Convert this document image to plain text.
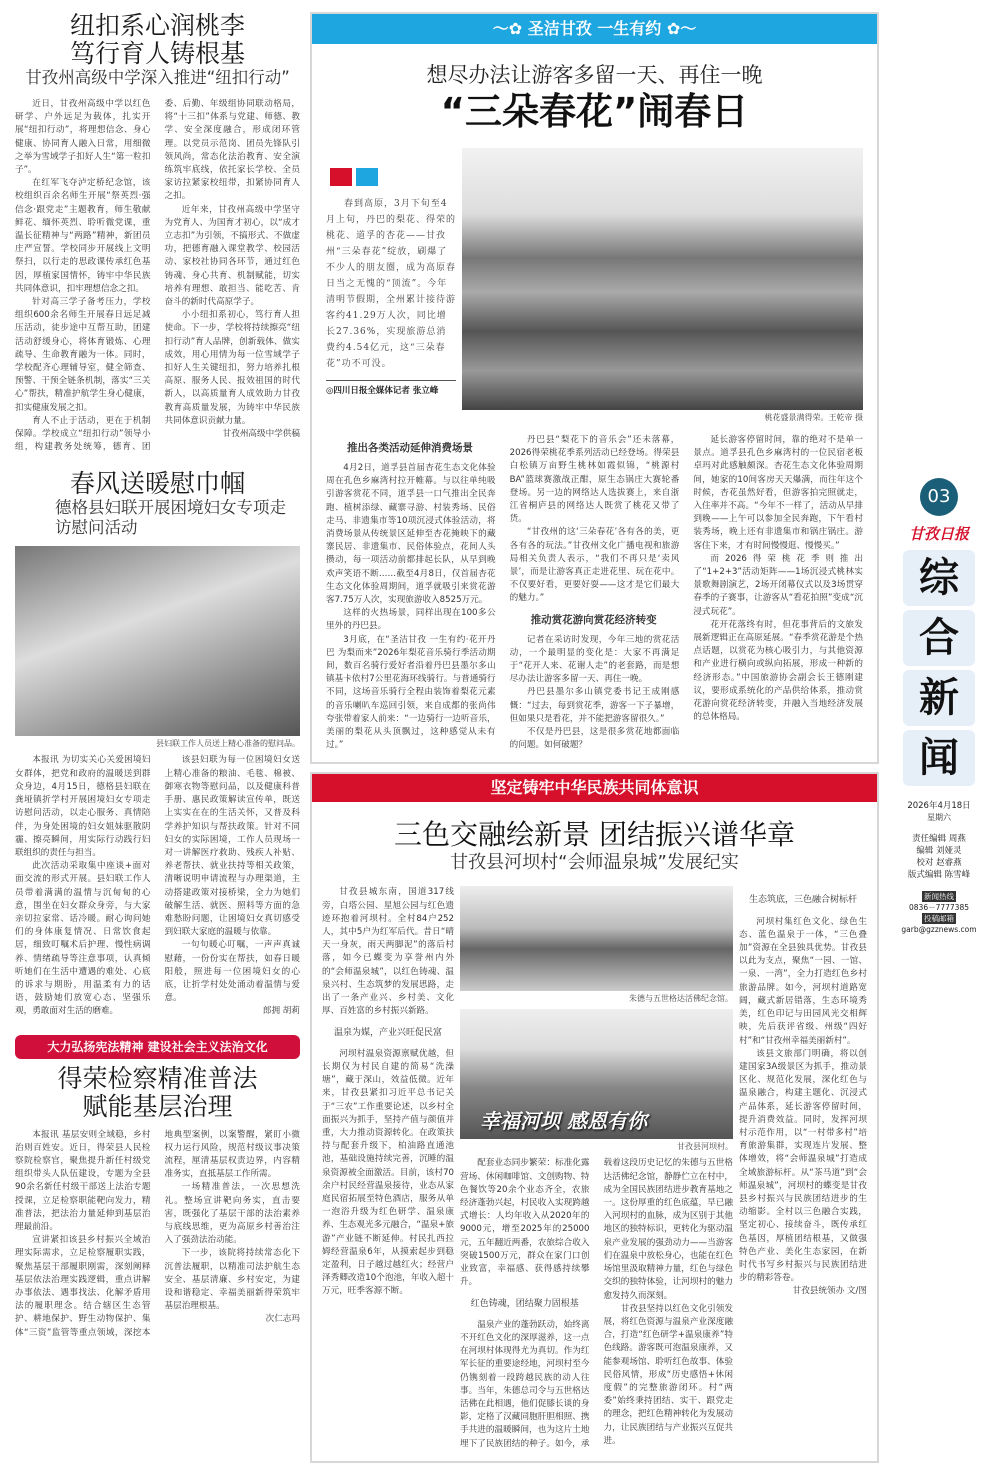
纽扣系心润桃李
笃行育人铸根基
甘孜州高级中学深入推进“纽扣行动”

近日，甘孜州高级中学以红色研学、户外远足为载体，扎实开展“纽扣行动”，将理想信念、身心健康、协同育人融入日常，用细微之举为雪域学子扣好人生“第一粒扣子”。

在红军飞夺泸定桥纪念馆，该校组织百余名师生开展“祭英烈·强信念·跟党走”主题教育，师生敬献鲜花、缅怀英烈、聆听微党课，重温长征精神与“两路”精神，新团员庄严宣誓。学校同步开展线上文明祭扫，以行走的思政课传承红色基因，厚植家国情怀，铸牢中华民族共同体意识，扣牢理想信念之扣。

针对高三学子备考压力，学校组织600余名师生开展春日远足减压活动，徒步途中互帮互助，团建活动舒缓身心，将体育锻炼、心理疏导、生命教育融为一体。同时，学校配齐心理辅导室，健全筛查、预警、干预全链条机制，落实“三关心”帮扶，精准护航学生身心健康，扣实健康发展之扣。

育人不止于活动，更在于机制保障。学校成立“纽扣行动”领导小组，构建教务处统筹，德育、团委、后勤、年级组协同联动格局，将“十三扣”体系与党建、师德、教学、安全深度融合，形成闭环管理。以党员示范岗、团员先锋队引领风尚，常态化法治教育、安全演练筑牢底线，依托家长学校、全员家访拉紧家校纽带，扣紧协同育人之扣。

近年来，甘孜州高级中学坚守为党育人、为国育才初心，以“成才立志扣”为引领，不搞形式、不做虚功，把德育融入课堂教学、校园活动、家校社协同各环节，通过红色铸魂、身心共育、机制赋能，切实培养有理想、敢担当、能吃苦、肯奋斗的新时代高原学子。

小小纽扣系初心，笃行育人担使命。下一步，学校将持续擦亮“纽扣行动”育人品牌，创新载体、做实成效，用心用情为每一位雪域学子扣好人生关键纽扣，努力培养扎根高原、服务人民、报效祖国的时代新人，以高质量育人成效助力甘孜教育高质量发展，为铸牢中华民族共同体意识贡献力量。

甘孜州高级中学供稿

春风送暖慰巾帼
德格县妇联开展困境妇女专项走访慰问活动
县妇联工作人员送上精心准备的慰问品。

本报讯 为切实关心关爱困境妇女群体，把党和政府的温暖送到群众身边，4月15日，德格县妇联在龚垭镇折学村开展困境妇女专项走访慰问活动，以走心服务、真情陪伴，为身处困境的妇女姐妹驱散阴霾、擦亮瞬间，用实际行动践行妇联组织的责任与担当。

此次活动采取集中座谈+面对面交流的形式开展。县妇联工作人员带着满满的温情与沉甸甸的心意，围坐在妇女群众身旁，与大家亲切拉家常、话冷暖。耐心询问她们的身体康复情况、日常饮食起居，细致叮嘱术后护理、慢性病调养、情绪疏导等注意事项，认真倾听她们在生活中遭遇的难处、心底的诉求与期盼，用温柔有力的话语，鼓励她们放宽心态、坚强乐观，勇敢面对生活的磨难。

该县妇联为每一位困境妇女送上精心准备的粮油、毛毯、棉被、御寒衣物等慰问品，以及健康科普手册、惠民政策解读宣传单，既送上实实在在的生活关怀，又普及科学养护知识与帮扶政策。针对不同妇女的实际困境，工作人员现场一对一讲解医疗救助、残疾人补贴、养老帮扶、就业扶持等相关政策，清晰说明申请流程与办理渠道，主动搭建政策对接桥梁，全力为她们破解生活、就医、照料等方面的急难愁盼问题，让困境妇女真切感受到妇联大家庭的温暖与依靠。

一句句暖心叮嘱，一声声真诚慰藉，一份份实在帮扶，如春日暖阳般，照进每一位困境妇女的心底，让折学村处处涌动着温情与爱意。

郎拥 胡莉

大力弘扬宪法精神 建设社会主义法治文化
得荣检察精准普法
赋能基层治理

本报讯 基层安则全域稳，乡村治则百姓安。近日，得荣县人民检察院检察官，聚焦提升新任村级党组织带头人队伍建设，专题为全县90余名新任村级干部送上法治专题授课，立足检察职能靶向发力，精准普法，把法治力量延伸到基层治理最前沿。

宣讲紧扣该县乡村振兴全域治理实际需求，立足检察履职实践，聚焦基层干部履职刚需，深刻阐释基层依法治理实践逻辑，重点讲解办事依法、遇事找法、化解矛盾用法的履职理念。结合辖区生态管护、耕地保护、野生动物保护、集体“三资”监管等重点领域，深挖本地典型案例，以案警醒，紧盯小微权力运行风险，规范村级议事决策流程，厘清基层权责边界，内容精准务实，直抵基层工作所需。

一场精准普法，一次思想洗礼。整场宣讲靶向务实，直击要害，既强化了基层干部的法治素养与底线思维，更为高原乡村善治注入了强劲法治动能。

下一步，该院将持续常态化下沉普法履职，以精准司法护航生态安全、基层清廉、乡村安定，为建设和谐稳定、幸福美丽新得荣筑牢基层治理根基。

次仁志玛

〜✿ 圣洁甘孜 一生有约 ✿〜
想尽办法让游客多留一天、再住一晚
“三朵春花”闹春日
春到高原，3月下旬至4月上旬，丹巴的梨花、得荣的桃花、道孚的杏花——甘孜州“三朵春花”绽放，刷爆了不少人的朋友圈，成为高原春日当之无愧的“顶流”。今年清明节假期，全州累计接待游客约41.29万人次，同比增长27.36%，实现旅游总消费约4.54亿元，这“三朵春花”功不可没。
◎四川日报全媒体记者 张立峰
桃花盛景满得荣。王乾帝 摄

推出各类活动延伸消费场景

4月2日，道孚县首届杏花生态文化体验周在孔色乡麻湾村拉开帷幕。与以往单纯吸引游客赏花不同，道孚县一口气推出全民奔跑、植树添绿、藏寨寻游、村装秀场、民俗走马、非遗集市等10项沉浸式体验活动，将消费场景从传统景区延伸至杏花掩映下的藏寨民居、非遗集市、民俗体验点，花间人头攒动，每一项活动前都排起长队，从早到晚欢声笑语不断……截至4月8日，仅首届杏花生态文化体验周期间，道孚就吸引来赏花游客7.75万人次，实现旅游收入8525万元。

这样的火热场景，同样出现在100多公里外的丹巴县。

3月底，在“圣洁甘孜 一生有约·花开丹巴 为梨而来”2026年梨花音乐骑行季活动期间，数百名骑行爱好者沿着丹巴县墨尔多山镇基卡依村7公里花海环线骑行。与普通骑行不同，这场音乐骑行全程由装饰着梨花元素的音乐喇叭车巡回引领，来自成都的张尚伟夸张带着家人前来：“一边骑行一边听音乐，美丽的梨花从头顶飘过，这种感觉从未有过。”

丹巴县“梨花下的音乐会”还未落幕，2026得荣桃花季系列活动已经登场。得荣县白松镇万亩野生桃林如霞似锦，“桃源村BA”篮球赛激战正酣，原生态锅庄大赛轮番登场。另一边的网络达人选拔赛上，来自浙江省桐庐县的网络达人既赏了桃花又带了货。

“甘孜州的这‘三朵春花’各有各的美，更各有各的玩法。”甘孜州文化广播电视和旅游局相关负责人表示，“我们不再只是‘卖风景’，而是让游客真正走进花里、玩在花中。不仅要好看，更要好耍——这才是它们最大的魅力。”

推动赏花游向赏花经济转变

记者在采访时发现，今年三地的赏花活动，一个最明显的变化是：大家不再满足于“花开人来、花谢人走”的老套路，而是想尽办法让游客多留一天、再住一晚。

丹巴县墨尔多山镇党委书记王成刚感慨：“过去，每到赏花季，游客一下子暴增，但如果只是看花，并不能把游客留很久。”

不仅是丹巴县，这是很多赏花地都面临的问题。如何破题？

延长游客停留时间，靠的绝对不是单一景点。道孚县孔色乡麻湾村的一位民宿老板卓玛对此感触颇深。杏花生态文化体验周期间，她家的10间客房天天爆满，而往年这个时候，杏花虽然好看，但游客拍完照就走，入住率并不高。“今年不一样了，活动从早排到晚——上午可以参加全民奔跑，下午看村装秀场，晚上还有非遗集市和锅庄锅庄。游客住下来，才有时间慢慢逛、慢慢买。”

而2026得荣桃花季则推出了“1+2+3”活动矩阵——1场沉浸式桃林实景歌舞剧演艺，2场开闭幕仪式以及3场贯穿春季的子赛事，让游客从“看花拍照”变成“沉浸式玩花”。

花开花落终有时，但花事背后的文旅发展新逻辑正在高原延展。“春季赏花游是个热点话题，以赏花为核心吸引力，与其他资源和产业进行横向或纵向拓展，形成一种新的经济形态。”中国旅游协会副会长王德刚建议，要形成系统化的产品供给体系，推动赏花游向赏花经济转变，并融入当地经济发展的总体格局。

坚定铸牢中华民族共同体意识
三色交融绘新景 团结振兴谱华章
甘孜县河坝村“会师温泉城”发展纪实

甘孜县城东南，国道317线旁，白塔公园、星旭公园与红色遗迹环抱着河坝村。全村84户252人，其中5户为红军后代。昔日“晴天一身灰，雨天两脚泥”的落后村落，如今已蝶变为享誉州内外的“会师温泉城”，以红色铸魂、温泉兴村、生态筑梦的发展思路，走出了一条产业兴、乡村美、文化厚、百姓富的乡村振兴新路。

温泉为媒，产业兴旺促民富

河坝村温泉资源禀赋优越，但长期仅为村民自建的简易“洗澡塘”，藏于深山，效益低微。近年来，甘孜县紧扣习近平总书记关于“三农”工作重要论述，以乡村全面振兴为抓手，坚持产值与颜值并重，大力推动资源转化。在政策扶持与配套升级下，柏油路直通池池，基础设施持续完善，沉睡的温泉资源被全面激活。目前，该村70余户村民经营温泉接待，业态从家庭民宿拓展至特色酒店，服务从单一泡浴升级为红色研学、温泉康养、生态观光多元融合，“温泉+旅游”产业链不断延伸。村民扎西拉姆经营温泉6年，从摸索起步到稳定盈利，日子越过越红火；经营户泽秀卿改造10个泡池，年收入超十万元，旺季客源不断。

朱德与五世格达活佛纪念馆。
幸福河坝 感恩有你
甘孜县河坝村。

配套业态同步繁荣：标准化露营场、休闲咖啡馆、文创购物、特色餐饮等20余个业态齐全，农旅经济蓬勃兴起，村民收入实现跨越式增长：人均年收入从2020年的9000元，增至2025年的25000元，五年翻近两番，农旅综合收入突破1500万元，群众在家门口创业致富，幸福感、获得感持续攀升。

红色铸魂，团结聚力固根基

温泉产业的蓬勃跃动，始终离不开红色文化的深厚滋养，这一点在河坝村体现得尤为真切。作为红军长征的重要途经地，河坝村至今仍镌刻着一段跨越民族的动人往事。当年，朱德总司令与五世格达活佛在此相遇，他们促膝长谈的身影，定格了汉藏同胞肝胆相照、携手共进的温暖瞬间，也为这片土地埋下了民族团结的种子。如今，承载着这段历史记忆的朱德与五世格达活佛纪念馆，静静伫立在村中，成为全国民族团结进步教育基地之一。这份厚重的红色底蕴，早已融入河坝村的血脉，成为区别于其他地区的独特标识，更转化为驱动温泉产业发展的强劲动力——当游客们在温泉中放松身心，也能在红色场馆里汲取精神力量，红色与绿色交织的独特体验，让河坝村的魅力愈发持久而深刻。

甘孜县坚持以红色文化引领发展，将红色资源与温泉产业深度融合，打造“红色研学+温泉康养”特色线路。游客既可泡温泉康养，又能参观场馆、聆听红色故事、体验民俗风情，形成“历史感悟+休闲度假”的完整旅游闭环。村“两委”始终秉持团结、实干、跟党走的理念，把红色精神转化为发展动力，让民族团结与产业振兴互促共进。

生态筑底，三色融合树标杆

河坝村集红色文化、绿色生态、蓝色温泉于一体，“三色叠加”资源在全县独具优势。甘孜县以此为支点，聚焦“一园、一馆、一泉、一湾”，全力打造红色乡村旅游品牌。如今，河坝村道路宽阔，藏式新居错落，生态环境秀美，红色印记与田园风光交相辉映，先后获评省级、州级“四好村”和“甘孜州幸福美丽新村”。

该县文旅部门明确，将以创建国家3A级景区为抓手，推动景区化、规范化发展，深化红色与温泉融合，构建主题化、沉浸式产品体系，延长游客停留时间，提升消费效益。同时，发挥河坝村示范作用，以“一村带多村”培育旅游集群，实现连片发展、整体增效，将“会师温泉城”打造成全域旅游标杆。从“茶马道”到“会师温泉城”，河坝村的蝶变是甘孜县乡村振兴与民族团结进步的生动缩影。全村以三色融合实践，坚定初心、接续奋斗，既传承红色基因，厚植团结根基，又做强特色产业、美化生态家园，在新时代书写乡村振兴与民族团结进步的精彩答卷。

甘孜县统领办 文/图

03
甘孜日报
综
合
新
闻
2026年4月18日
星期六
责任编辑 周燕
编辑 刘娅灵
校对 赵睿燕
版式编辑 陈雪峰
新闻热线
0836－7777385
投稿邮箱
garb@gzznews.com
